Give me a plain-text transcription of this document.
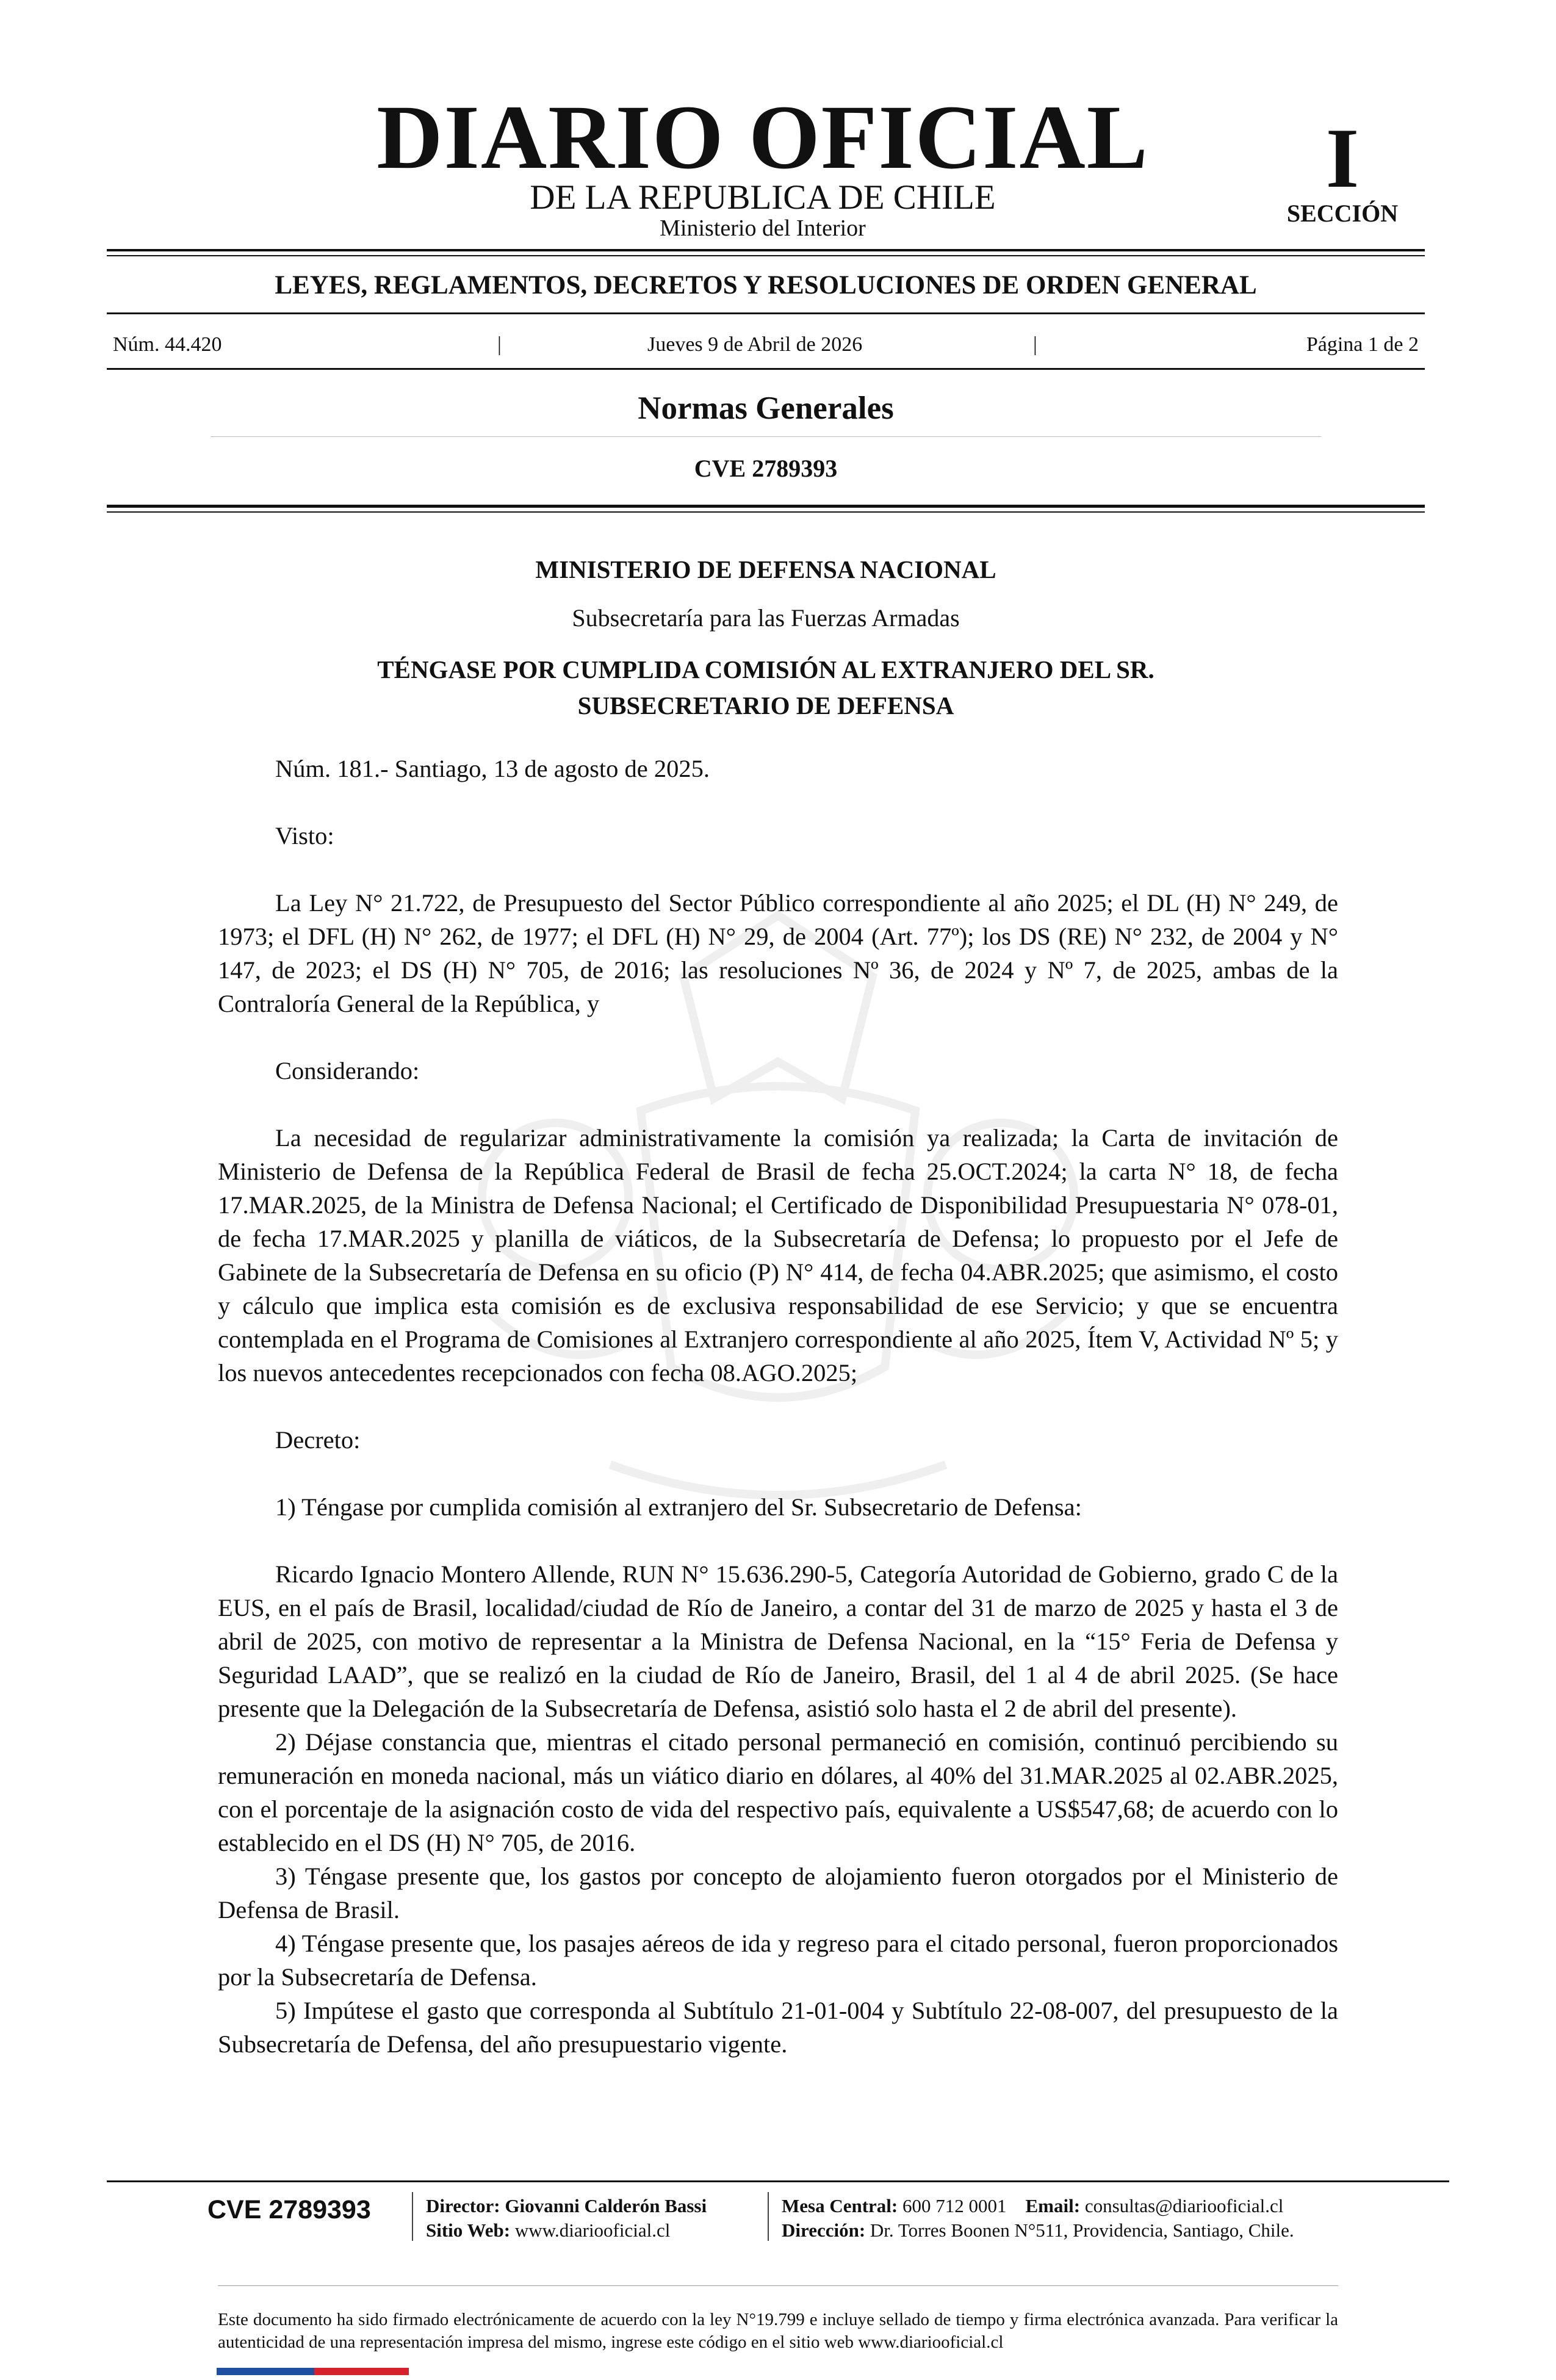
DIARIO OFICIAL
DE LA REPUBLICA DE CHILE
Ministerio del Interior
I
SECCIÓN
LEYES, REGLAMENTOS, DECRETOS Y RESOLUCIONES DE ORDEN GENERAL
Núm. 44.420	|	Jueves 9 de Abril de 2026	|	Página 1 de 2
Normas Generales
CVE 2789393
MINISTERIO DE DEFENSA NACIONAL
Subsecretaría para las Fuerzas Armadas
TÉNGASE POR CUMPLIDA COMISIÓN AL EXTRANJERO DEL SR.
SUBSECRETARIO DE DEFENSA

Núm. 181.- Santiago, 13 de agosto de 2025.

Visto:

La Ley N° 21.722, de Presupuesto del Sector Público correspondiente al año 2025; el DL (H) N° 249, de 1973; el DFL (H) N° 262, de 1977; el DFL (H) N° 29, de 2004 (Art. 77º); los DS (RE) N° 232, de 2004 y N° 147, de 2023; el DS (H) N° 705, de 2016; las resoluciones Nº 36, de 2024 y Nº 7, de 2025, ambas de la Contraloría General de la República, y

Considerando:

La necesidad de regularizar administrativamente la comisión ya realizada; la Carta de invitación de Ministerio de Defensa de la República Federal de Brasil de fecha 25.OCT.2024; la carta N° 18, de fecha 17.MAR.2025, de la Ministra de Defensa Nacional; el Certificado de Disponibilidad Presupuestaria N° 078-01, de fecha 17.MAR.2025 y planilla de viáticos, de la Subsecretaría de Defensa; lo propuesto por el Jefe de Gabinete de la Subsecretaría de Defensa en su oficio (P) N° 414, de fecha 04.ABR.2025; que asimismo, el costo y cálculo que implica esta comisión es de exclusiva responsabilidad de ese Servicio; y que se encuentra contemplada en el Programa de Comisiones al Extranjero correspondiente al año 2025, Ítem V, Actividad Nº 5; y los nuevos antecedentes recepcionados con fecha 08.AGO.2025;

Decreto:

1) Téngase por cumplida comisión al extranjero del Sr. Subsecretario de Defensa:

Ricardo Ignacio Montero Allende, RUN N° 15.636.290-5, Categoría Autoridad de Gobierno, grado C de la EUS, en el país de Brasil, localidad/ciudad de Río de Janeiro, a contar del 31 de marzo de 2025 y hasta el 3 de abril de 2025, con motivo de representar a la Ministra de Defensa Nacional, en la “15° Feria de Defensa y Seguridad LAAD”, que se realizó en la ciudad de Río de Janeiro, Brasil, del 1 al 4 de abril 2025. (Se hace presente que la Delegación de la Subsecretaría de Defensa, asistió solo hasta el 2 de abril del presente).

2) Déjase constancia que, mientras el citado personal permaneció en comisión, continuó percibiendo su remuneración en moneda nacional, más un viático diario en dólares, al 40% del 31.MAR.2025 al 02.ABR.2025, con el porcentaje de la asignación costo de vida del respectivo país, equivalente a US$547,68; de acuerdo con lo establecido en el DS (H) N° 705, de 2016.

3) Téngase presente que, los gastos por concepto de alojamiento fueron otorgados por el Ministerio de Defensa de Brasil.

4) Téngase presente que, los pasajes aéreos de ida y regreso para el citado personal, fueron proporcionados por la Subsecretaría de Defensa.

5) Impútese el gasto que corresponda al Subtítulo 21-01-004 y Subtítulo 22-08-007, del presupuesto de la Subsecretaría de Defensa, del año presupuestario vigente.

CVE 2789393	Director: Giovanni Calderón Bassi
Sitio Web: www.diariooficial.cl
Mesa Central: 600 712 0001 Email: consultas@diariooficial.cl
Dirección: Dr. Torres Boonen N°511, Providencia, Santiago, Chile.
Este documento ha sido firmado electrónicamente de acuerdo con la ley N°19.799 e incluye sellado de tiempo y firma electrónica avanzada. Para verificar la autenticidad de una representación impresa del mismo, ingrese este código en el sitio web www.diariooficial.cl
